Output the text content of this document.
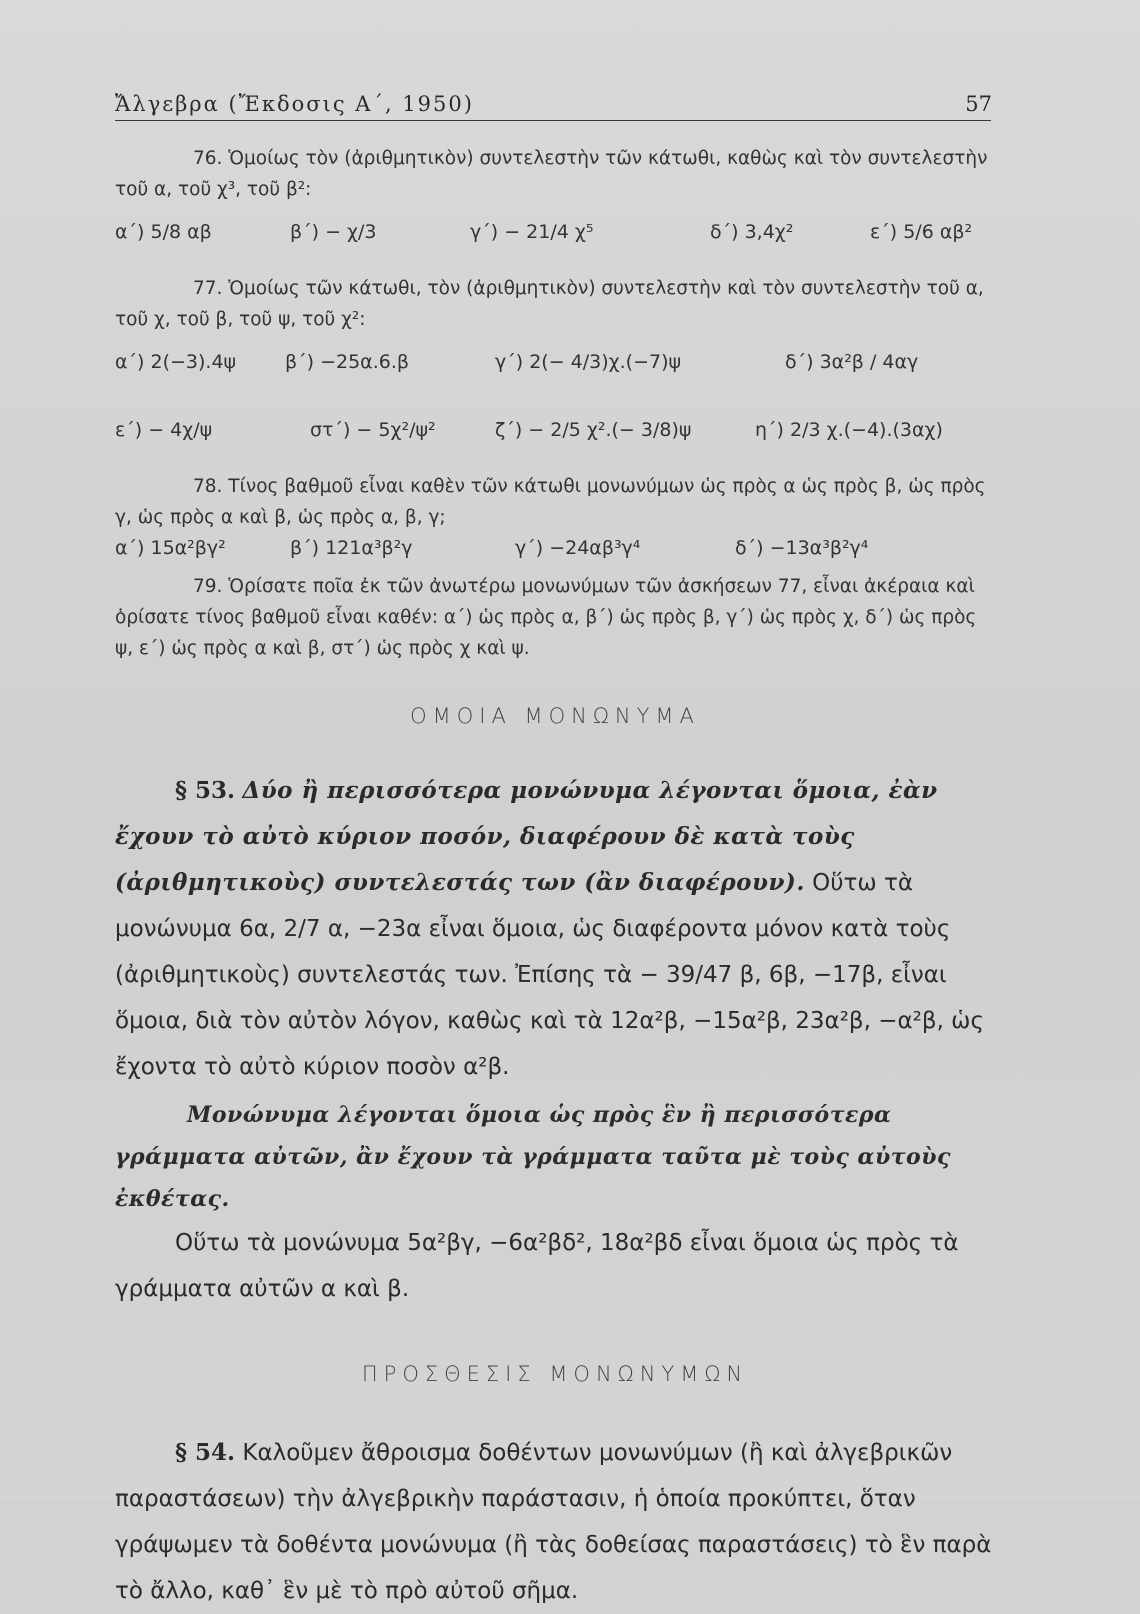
Ἄλγεβρα (Ἔκδοσις Α΄, 1950)	57

76. Ὁμοίως τὸν (ἀριθμητικὸν) συντελεστὴν τῶν κάτωθι, καθὼς καὶ τὸν συντελεστὴν τοῦ α, τοῦ χ³, τοῦ β²:

α΄) 5/8 αβ	β΄) − χ/3	γ΄) − 21/4 χ⁵	δ΄) 3,4χ²	ε΄) 5/6 αβ²

77. Ὁμοίως τῶν κάτωθι, τὸν (ἀριθμητικὸν) συντελεστὴν καὶ τὸν συντελεστὴν τοῦ α, τοῦ χ, τοῦ β, τοῦ ψ, τοῦ χ²:

α΄) 2(−3).4ψ	β΄) −25α.6.β	γ΄) 2(− 4/3)χ.(−7)ψ	δ΄) 3α²β / 4αγ
ε΄) − 4χ/ψ	στ΄) − 5χ²/ψ²	ζ΄) − 2/5 χ².(− 3/8)ψ	η΄) 2/3 χ.(−4).(3αχ)

78. Τίνος βαθμοῦ εἶναι καθὲν τῶν κάτωθι μονωνύμων ὡς πρὸς α ὡς πρὸς β, ὡς πρὸς γ, ὡς πρὸς α καὶ β, ὡς πρὸς α, β, γ;

α΄) 15α²βγ²	β΄) 121α³β²γ	γ΄) −24αβ³γ⁴	δ΄) −13α³β²γ⁴

79. Ὁρίσατε ποῖα ἐκ τῶν ἀνωτέρω μονωνύμων τῶν ἀσκήσεων 77, εἶναι ἀκέραια καὶ ὁρίσατε τίνος βαθμοῦ εἶναι καθέν: α΄) ὡς πρὸς α, β΄) ὡς πρὸς β, γ΄) ὡς πρὸς χ, δ΄) ὡς πρὸς ψ, ε΄) ὡς πρὸς α καὶ β, στ΄) ὡς πρὸς χ καὶ ψ.

ΟΜΟΙΑ ΜΟΝΩΝΥΜΑ

§ 53. Δύο ἢ περισσότερα μονώνυμα λέγονται ὅμοια, ἐὰν ἔχουν τὸ αὐτὸ κύριον ποσόν, διαφέρουν δὲ κατὰ τοὺς (ἀριθμητικοὺς) συντελεστάς των (ἂν διαφέρουν). Οὕτω τὰ μονώνυμα 6α, 2/7 α, −23α εἶναι ὅμοια, ὡς διαφέροντα μόνον κατὰ τοὺς (ἀριθμητικοὺς) συντελεστάς των. Ἐπίσης τὰ − 39/47 β, 6β, −17β, εἶναι ὅμοια, διὰ τὸν αὐτὸν λόγον, καθὼς καὶ τὰ 12α²β, −15α²β, 23α²β, −α²β, ὡς ἔχοντα τὸ αὐτὸ κύριον ποσὸν α²β.

Μονώνυμα λέγονται ὅμοια ὡς πρὸς ἓν ἢ περισσότερα γράμματα αὐτῶν, ἂν ἔχουν τὰ γράμματα ταῦτα μὲ τοὺς αὐτοὺς ἐκθέτας.

Οὕτω τὰ μονώνυμα 5α²βγ, −6α²βδ², 18α²βδ εἶναι ὅμοια ὡς πρὸς τὰ γράμματα αὐτῶν α καὶ β.

ΠΡΟΣΘΕΣΙΣ ΜΟΝΩΝΥΜΩΝ

§ 54. Καλοῦμεν ἄθροισμα δοθέντων μονωνύμων (ἢ καὶ ἀλγεβρικῶν παραστάσεων) τὴν ἀλγεβρικὴν παράστασιν, ἡ ὁποία προκύπτει, ὅταν γράψωμεν τὰ δοθέντα μονώνυμα (ἢ τὰς δοθείσας παραστάσεις) τὸ ἓν παρὰ τὸ ἄλλο, καθ᾽ ἓν μὲ τὸ πρὸ αὐτοῦ σῆμα.
